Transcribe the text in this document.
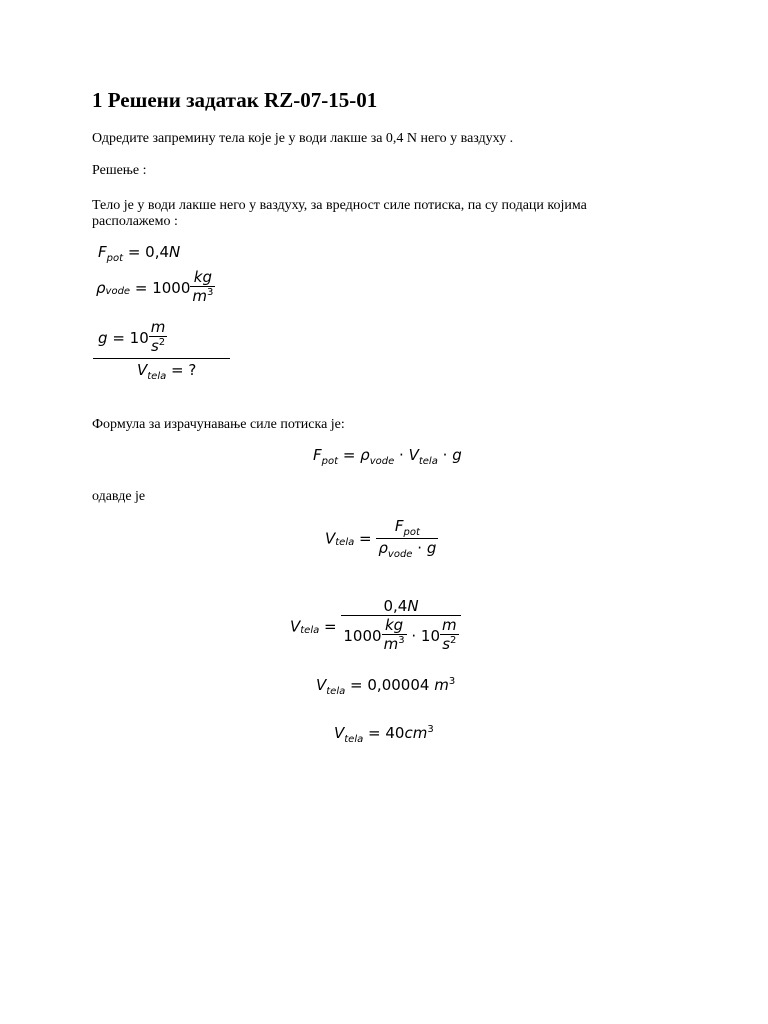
1 Решени задатак RZ-07-15-01
Одредите запремину тела које је у води лакше за 0,4 N него у ваздуху .
Решење :
Тело је у води лакше него у ваздуху, за вредност силе потиска, па су подаци којима
располажемо :
$F_{pot} = 0,4N$
$\rho_{vode} = 1000 \frac{kg}{m^3}$
$g = 10 \frac{m}{s^2}$
$V_{tela}$ = ?
Формула за израчунавање силе потиска је:
$F_{pot} = \rho_{vode} \cdot V_{tela} \cdot g$
одавде је
$V_{tela} = \frac{F_{pot}}{\rho_{vode} \cdot g}$
$V_{tela}$ =
0,4N
$1000 \frac{kg}{m^3} \cdot 10 \frac{m}{s^2}$
$V_{tela} = 0,00004$ $m^3$
$V_{tela} = 40cm^3$
